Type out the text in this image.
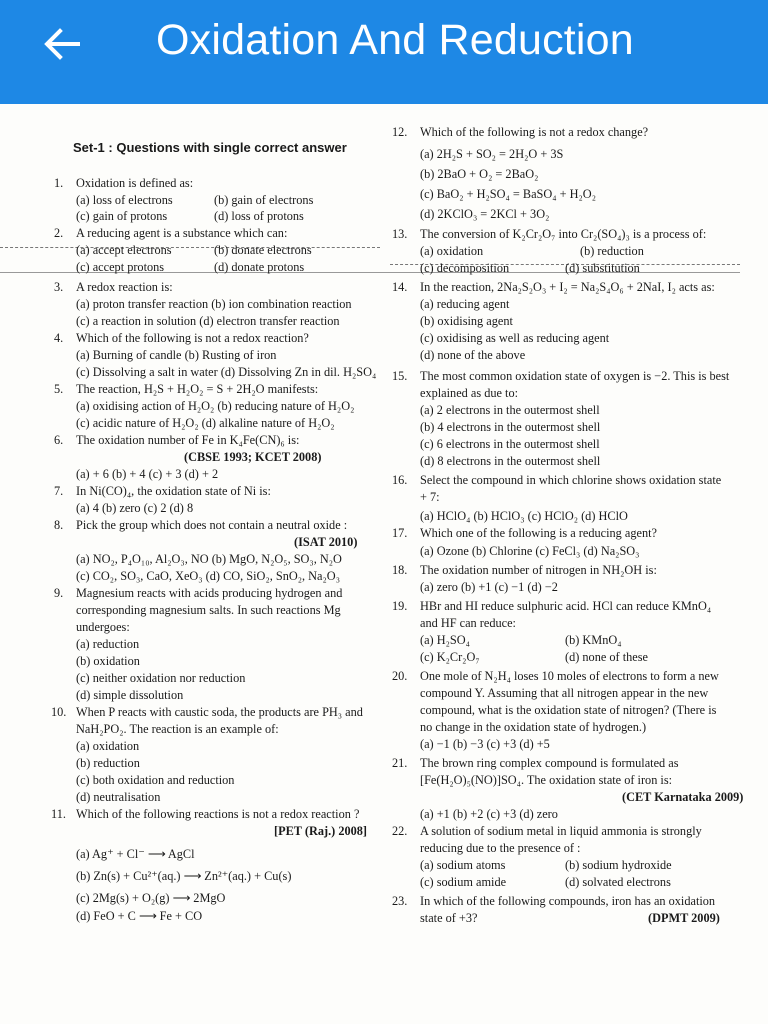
Oxidation And Reduction
Set-1 : Questions with single correct answer
1. Oxidation is defined as:
(a) loss of electrons	(b) gain of electrons
(c) gain of protons	(d) loss of protons
2. A reducing agent is a substance which can:
(a) accept electrons	(b) donate electrons
(c) accept protons	(d) donate protons
3. A redox reaction is:
(a) proton transfer reaction (b) ion combination reaction
(c) a reaction in solution (d) electron transfer reaction
4. Which of the following is not a redox reaction?
(a) Burning of candle (b) Rusting of iron
(c) Dissolving a salt in water (d) Dissolving Zn in dil. H₂SO₄
5. The reaction, H₂S + H₂O₂ = S + 2H₂O manifests:
(a) oxidising action of H₂O₂ (b) reducing nature of H₂O₂
(c) acidic nature of H₂O₂ (d) alkaline nature of H₂O₂
6. The oxidation number of Fe in K₄Fe(CN)₆ is:
(CBSE 1993; KCET 2008)
(a) + 6 (b) + 4 (c) + 3 (d) + 2
7. In Ni(CO)₄, the oxidation state of Ni is:
(a) 4 (b) zero (c) 2 (d) 8
8. Pick the group which does not contain a neutral oxide :
(ISAT 2010)
(a) NO₂, P₄O₁₀, Al₂O₃, NO (b) MgO, N₂O₅, SO₃, N₂O
(c) CO₂, SO₃, CaO, XeO₃ (d) CO, SiO₂, SnO₂, Na₂O₃
9. Magnesium reacts with acids producing hydrogen and
corresponding magnesium salts. In such reactions Mg
undergoes:
(a) reduction
(b) oxidation
(c) neither oxidation nor reduction
(d) simple dissolution
10. When P reacts with caustic soda, the products are PH₃ and
NaH₂PO₂. The reaction is an example of:
(a) oxidation
(b) reduction
(c) both oxidation and reduction
(d) neutralisation
11. Which of the following reactions is not a redox reaction ?
[PET (Raj.) 2008]
(a) Ag⁺ + Cl⁻ ⟶ AgCl
(b) Zn(s) + Cu²⁺(aq.) ⟶ Zn²⁺(aq.) + Cu(s)
(c) 2Mg(s) + O₂(g) ⟶ 2MgO
(d) FeO + C ⟶ Fe + CO
12. Which of the following is not a redox change?
(a) 2H₂S + SO₂ = 2H₂O + 3S
(b) 2BaO + O₂ = 2BaO₂
(c) BaO₂ + H₂SO₄ = BaSO₄ + H₂O₂
(d) 2KClO₃ = 2KCl + 3O₂
13. The conversion of K₂Cr₂O₇ into Cr₂(SO₄)₃ is a process of:
(a) oxidation	(b) reduction
(c) decomposition	(d) substitution
14. In the reaction, 2Na₂S₂O₃ + I₂ = Na₂S₄O₆ + 2NaI, I₂ acts as:
(a) reducing agent
(b) oxidising agent
(c) oxidising as well as reducing agent
(d) none of the above
15. The most common oxidation state of oxygen is −2. This is best
explained as due to:
(a) 2 electrons in the outermost shell
(b) 4 electrons in the outermost shell
(c) 6 electrons in the outermost shell
(d) 8 electrons in the outermost shell
16. Select the compound in which chlorine shows oxidation state
+ 7:
(a) HClO₄ (b) HClO₃ (c) HClO₂ (d) HClO
17. Which one of the following is a reducing agent?
(a) Ozone (b) Chlorine (c) FeCl₃ (d) Na₂SO₃
18. The oxidation number of nitrogen in NH₂OH is:
(a) zero (b) +1 (c) −1 (d) −2
19. HBr and HI reduce sulphuric acid. HCl can reduce KMnO₄
and HF can reduce:
(a) H₂SO₄	(b) KMnO₄
(c) K₂Cr₂O₇	(d) none of these
20. One mole of N₂H₄ loses 10 moles of electrons to form a new
compound Y. Assuming that all nitrogen appear in the new
compound, what is the oxidation state of nitrogen? (There is
no change in the oxidation state of hydrogen.)
(a) −1 (b) −3 (c) +3 (d) +5
21. The brown ring complex compound is formulated as
[Fe(H₂O)₅(NO)]SO₄. The oxidation state of iron is:
(CET Karnataka 2009)
(a) +1 (b) +2 (c) +3 (d) zero
22. A solution of sodium metal in liquid ammonia is strongly
reducing due to the presence of :
(a) sodium atoms	(b) sodium hydroxide
(c) sodium amide	(d) solvated electrons
23. In which of the following compounds, iron has an oxidation
state of +3?	(DPMT 2009)
